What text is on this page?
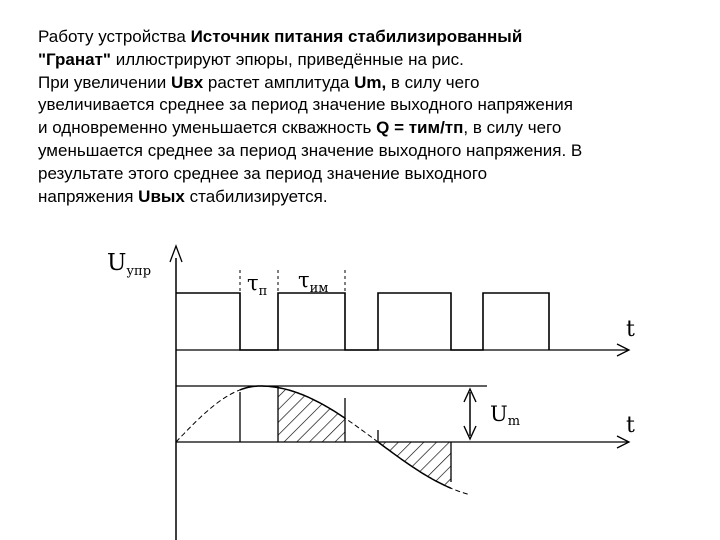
Работу устройства Источник питания стабилизированный
"Гранат" иллюстрируют эпюры, приведённые на рис.
При увеличении Uвх растет амплитуда Um, в силу чего
увеличивается среднее за период значение выходного напряжения
и одновременно уменьшается скважность Q = тим/тп, в силу чего
уменьшается среднее за период значение выходного напряжения. В
результате этого среднее за период значение выходного
напряжения Uвых стабилизируется.
$U_{упр}$	$\tau_п$ $\tau_{им}$
t
t
Um
